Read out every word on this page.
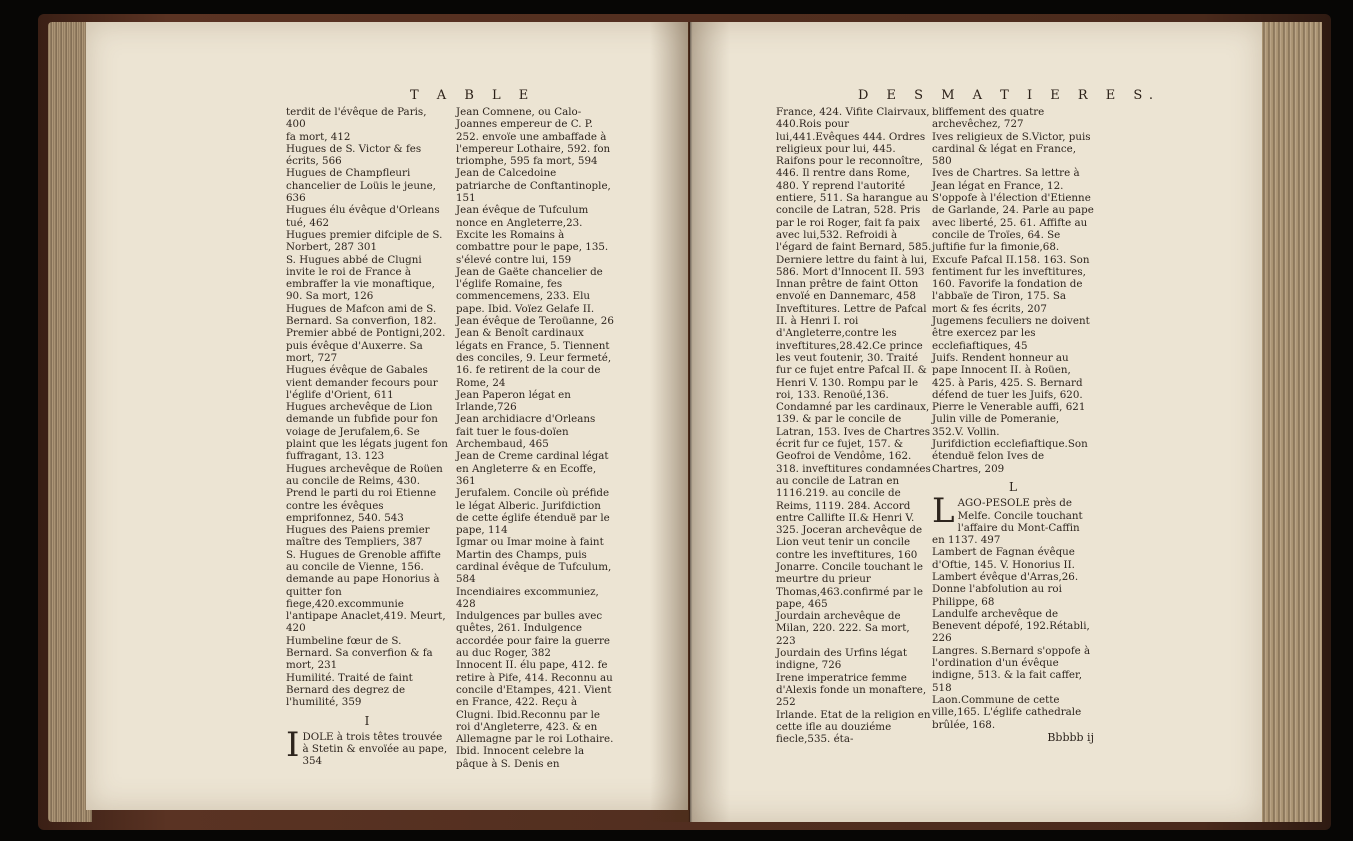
T A B L E	D E S M A T I E R E S.

terdit de l'évêque de Paris, 400

fa mort, 412

Hugues de S. Victor & fes écrits, 566

Hugues de Champfleuri chancelier de Loüis le jeune, 636

Hugues élu évêque d'Orleans tué, 462

Hugues premier difciple de S. Norbert, 287 301

S. Hugues abbé de Clugni invite le roi de France à embraffer la vie monaftique, 90. Sa mort, 126

Hugues de Mafcon ami de S. Bernard. Sa converfion, 182. Premier abbé de Pontigni,202. puis évêque d'Auxerre. Sa mort, 727

Hugues évêque de Gabales vient demander fecours pour l'églife d'Orient, 611

Hugues archevêque de Lion demande un fubfide pour fon voiage de Jerufalem,6. Se plaint que les légats jugent fon fuffragant, 13. 123

Hugues archevêque de Roüen au concile de Reims, 430. Prend le parti du roi Etienne contre les évêques emprifonnez, 540. 543

Hugues des Paiens premier maître des Templiers, 387

S. Hugues de Grenoble affifte au concile de Vienne, 156. demande au pape Honorius à quitter fon fiege,420.excommunie l'antipape Anaclet,419. Meurt, 420

Humbeline fœur de S. Bernard. Sa converfion & fa mort, 231

Humilité. Traité de faint Bernard des degrez de l'humilité, 359

I

IDOLE à trois têtes trouvée à Stetin & envoïée au pape, 354

Jean Comnene, ou Calo-Joannes empereur de C. P. 252. envoïe une ambaffade à l'empereur Lothaire, 592. fon triomphe, 595 fa mort, 594

Jean de Calcedoine patriarche de Conftantinople, 151

Jean évêque de Tufculum nonce en Angleterre,23. Excite les Romains à combattre pour le pape, 135. s'élevé contre lui, 159

Jean de Gaëte chancelier de l'églife Romaine, fes commencemens, 233. Elu pape. Ibid. Voïez Gelafe II.

Jean évêque de Teroüanne, 26

Jean & Benoît cardinaux légats en France, 5. Tiennent des conciles, 9. Leur fermeté, 16. fe retirent de la cour de Rome, 24

Jean Paperon légat en Irlande,726

Jean archidiacre d'Orleans fait tuer le fous-doïen Archembaud, 465

Jean de Creme cardinal légat en Angleterre & en Ecoffe, 361

Jerufalem. Concile où préfide le légat Alberic. Jurifdiction de cette églife étenduë par le pape, 114

Igmar ou Imar moine à faint Martin des Champs, puis cardinal évêque de Tufculum, 584

Incendiaires excommuniez, 428

Indulgences par bulles avec quêtes, 261. Indulgence accordée pour faire la guerre au duc Roger, 382

Innocent II. élu pape, 412. fe retire à Pife, 414. Reconnu au concile d'Etampes, 421. Vient en France, 422. Reçu à Clugni. Ibid.Reconnu par le roi d'Angleterre, 423. & en Allemagne par le roi Lothaire. Ibid. Innocent celebre la pâque à S. Denis en

France, 424. Vifite Clairvaux, 440.Rois pour lui,441.Evêques 444. Ordres religieux pour lui, 445. Raifons pour le reconnoître, 446. Il rentre dans Rome, 480. Y reprend l'autorité entiere, 511. Sa harangue au concile de Latran, 528. Pris par le roi Roger, fait fa paix avec lui,532. Refroidi à l'égard de faint Bernard, 585. Derniere lettre du faint à lui, 586. Mort d'Innocent II. 593

Innan prêtre de faint Otton envoïé en Dannemarc, 458

Inveftitures. Lettre de Pafcal II. à Henri I. roi d'Angleterre,contre les inveftitures,28.42.Ce prince les veut foutenir, 30. Traité fur ce fujet entre Pafcal II. & Henri V. 130. Rompu par le roi, 133. Renoüé,136. Condamné par les cardinaux, 139. & par le concile de Latran, 153. Ives de Chartres écrit fur ce fujet, 157. & Geofroi de Vendôme, 162. 318. inveftitures condamnées au concile de Latran en 1116.219. au concile de Reims, 1119. 284. Accord entre Callifte II.& Henri V. 325. Joceran archevêque de Lion veut tenir un concile contre les inveftitures, 160

Jonarre. Concile touchant le meurtre du prieur Thomas,463.confirmé par le pape, 465

Jourdain archevêque de Milan, 220. 222. Sa mort, 223

Jourdain des Urfins légat indigne, 726

Irene imperatrice femme d'Alexis fonde un monaftere, 252

Irlande. Etat de la religion en cette ifle au douziéme fiecle,535. éta-

bliffement des quatre archevêchez, 727

Ives religieux de S.Victor, puis cardinal & légat en France, 580

Ives de Chartres. Sa lettre à Jean légat en France, 12. S'oppofe à l'élection d'Etienne de Garlande, 24. Parle au pape avec liberté, 25. 61. Affifte au concile de Troïes, 64. Se juftifie fur la fimonie,68. Excufe Pafcal II.158. 163. Son fentiment fur les inveftitures, 160. Favorife la fondation de l'abbaïe de Tiron, 175. Sa mort & fes écrits, 207

Jugemens feculiers ne doivent être exercez par les ecclefiaftiques, 45

Juifs. Rendent honneur au pape Innocent II. à Roüen, 425. à Paris, 425. S. Bernard défend de tuer les Juifs, 620. Pierre le Venerable auffi, 621

Julin ville de Pomeranie, 352.V. Vollin.

Jurifdiction ecclefiaftique.Son étenduë felon Ives de Chartres, 209

L

LAGO-PESOLE près de Melfe. Concile touchant l'affaire du Mont-Caffin en 1137. 497

Lambert de Fagnan évêque d'Oftie, 145. V. Honorius II.

Lambert évêque d'Arras,26. Donne l'abfolution au roi Philippe, 68

Landulfe archevêque de Benevent dépofé, 192.Rétabli, 226

Langres. S.Bernard s'oppofe à l'ordination d'un évêque indigne, 513. & la fait caffer, 518

Laon.Commune de cette ville,165. L'églife cathedrale brûlée, 168.

Bbbbb ij
